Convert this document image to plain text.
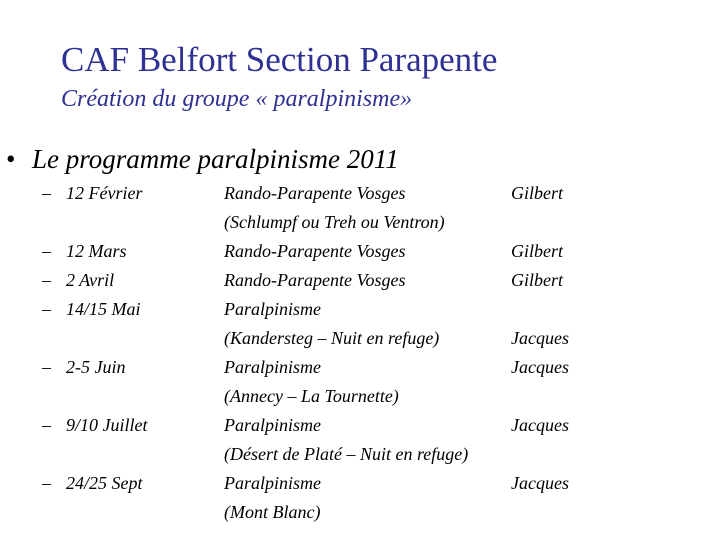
CAF Belfort Section Parapente
Création du groupe « paralpinisme»
• Le programme paralpinisme 2011
– 12 Février	Rando-Parapente Vosges	Gilbert
(Schlumpf ou Treh ou Ventron)
– 12 Mars	Rando-Parapente Vosges	Gilbert
– 2 Avril	Rando-Parapente Vosges	Gilbert
– 14/15 Mai	Paralpinisme
(Kandersteg – Nuit en refuge)	Jacques
– 2-5 Juin	Paralpinisme	Jacques
(Annecy – La Tournette)
– 9/10 Juillet	Paralpinisme	Jacques
(Désert de Platé – Nuit en refuge)
– 24/25 Sept	Paralpinisme	Jacques
(Mont Blanc)
